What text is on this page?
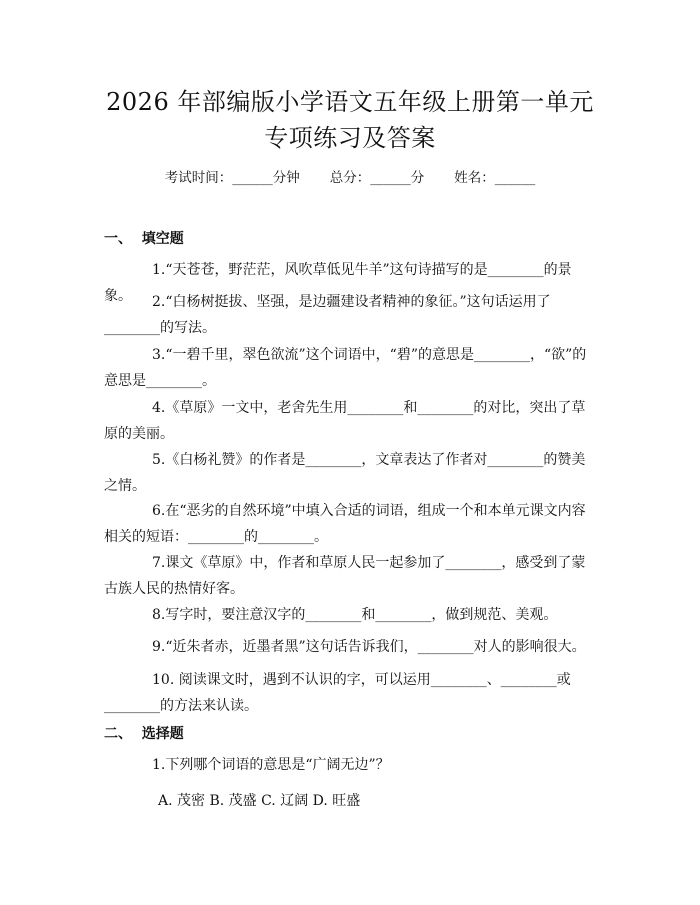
2026 年部编版小学语文五年级上册第一单元
专项练习及答案
考试时间：______分钟 总分：______分 姓名：______
一、  填空题
1.“天苍苍，野茫茫，风吹草低见牛羊”这句诗描写的是________的景象。	2.“白杨树挺拔、坚强，是边疆建设者精神的象征。”这句话运用了________的写法。
3.“一碧千里，翠色欲流”这个词语中，“碧”的意思是________，“欲”的意思是________。
4.《草原》一文中，老舍先生用________和________的对比，突出了草原的美丽。
5.《白杨礼赞》的作者是________，文章表达了作者对________的赞美之情。
6.在“恶劣的自然环境”中填入合适的词语，组成一个和本单元课文内容相关的短语：________的________。
7.课文《草原》中，作者和草原人民一起参加了________，感受到了蒙古族人民的热情好客。
8.写字时，要注意汉字的________和________，做到规范、美观。
9.“近朱者赤，近墨者黑”这句话告诉我们，________对人的影响很大。
10. 阅读课文时，遇到不认识的字，可以运用________、________或________的方法来认读。
二、  选择题
1.下列哪个词语的意思是“广阔无边”？
A. 茂密 B. 茂盛 C. 辽阔 D. 旺盛
